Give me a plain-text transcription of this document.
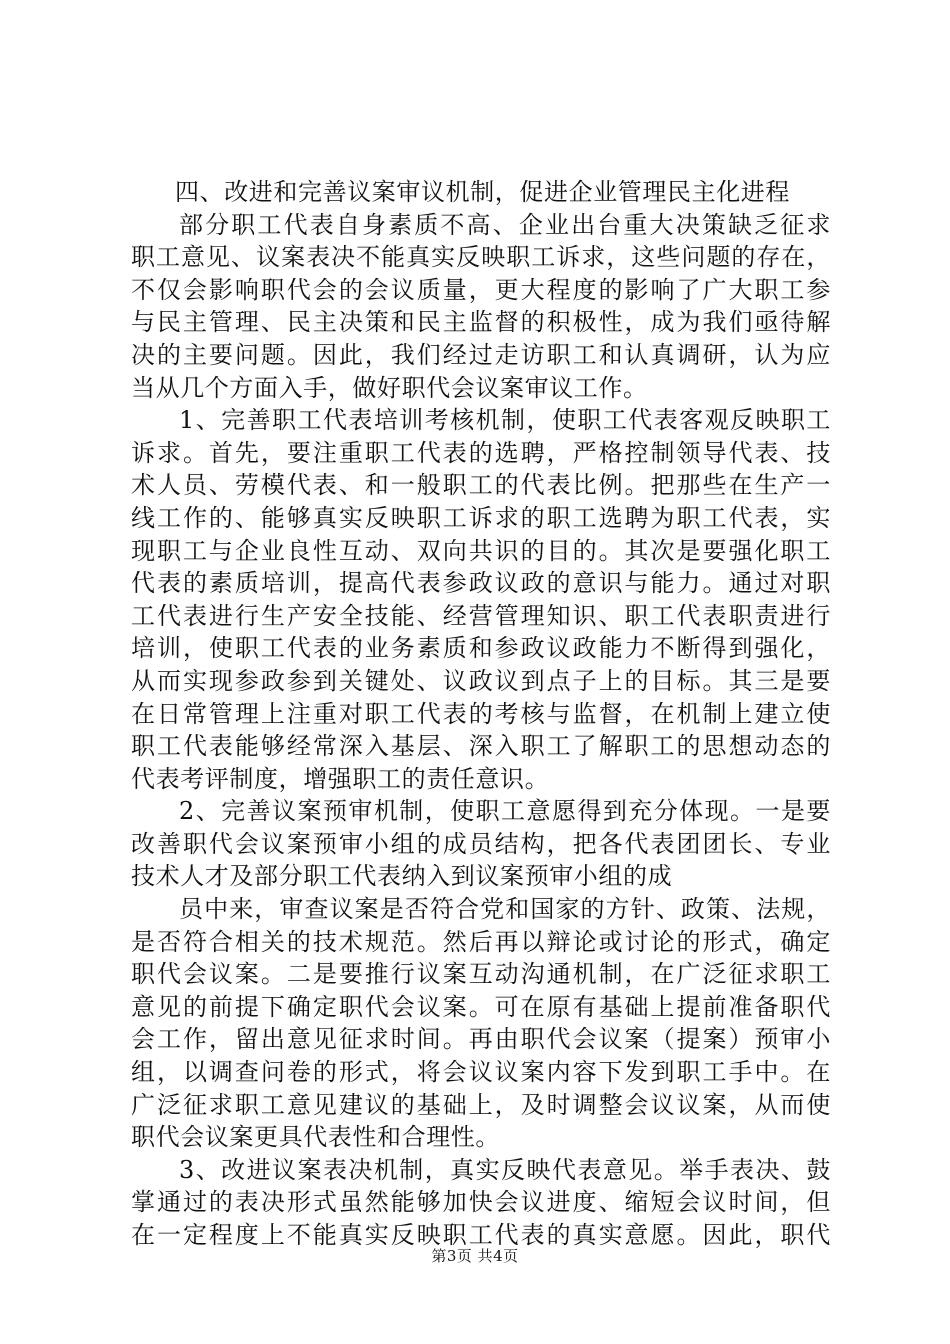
四、改进和完善议案审议机制，促进企业管理民主化进程
部分职工代表自身素质不高、企业出台重大决策缺乏征求
职工意见、议案表决不能真实反映职工诉求，这些问题的存在，
不仅会影响职代会的会议质量，更大程度的影响了广大职工参
与民主管理、民主决策和民主监督的积极性，成为我们亟待解
决的主要问题。因此，我们经过走访职工和认真调研，认为应
当从几个方面入手，做好职代会议案审议工作。
1、完善职工代表培训考核机制，使职工代表客观反映职工
诉求。首先，要注重职工代表的选聘，严格控制领导代表、技
术人员、劳模代表、和一般职工的代表比例。把那些在生产一
线工作的、能够真实反映职工诉求的职工选聘为职工代表，实
现职工与企业良性互动、双向共识的目的。其次是要强化职工
代表的素质培训，提高代表参政议政的意识与能力。通过对职
工代表进行生产安全技能、经营管理知识、职工代表职责进行
培训，使职工代表的业务素质和参政议政能力不断得到强化，
从而实现参政参到关键处、议政议到点子上的目标。其三是要
在日常管理上注重对职工代表的考核与监督，在机制上建立使
职工代表能够经常深入基层、深入职工了解职工的思想动态的
代表考评制度，增强职工的责任意识。
2、完善议案预审机制，使职工意愿得到充分体现。一是要
改善职代会议案预审小组的成员结构，把各代表团团长、专业
技术人才及部分职工代表纳入到议案预审小组的成
员中来，审查议案是否符合党和国家的方针、政策、法规，
是否符合相关的技术规范。然后再以辩论或讨论的形式，确定
职代会议案。二是要推行议案互动沟通机制，在广泛征求职工
意见的前提下确定职代会议案。可在原有基础上提前准备职代
会工作，留出意见征求时间。再由职代会议案（提案）预审小
组，以调查问卷的形式，将会议议案内容下发到职工手中。在
广泛征求职工意见建议的基础上，及时调整会议议案，从而使
职代会议案更具代表性和合理性。
3、改进议案表决机制，真实反映代表意见。举手表决、鼓
掌通过的表决形式虽然能够加快会议进度、缩短会议时间，但
在一定程度上不能真实反映职工代表的真实意愿。因此，职代
第3页 共4页
